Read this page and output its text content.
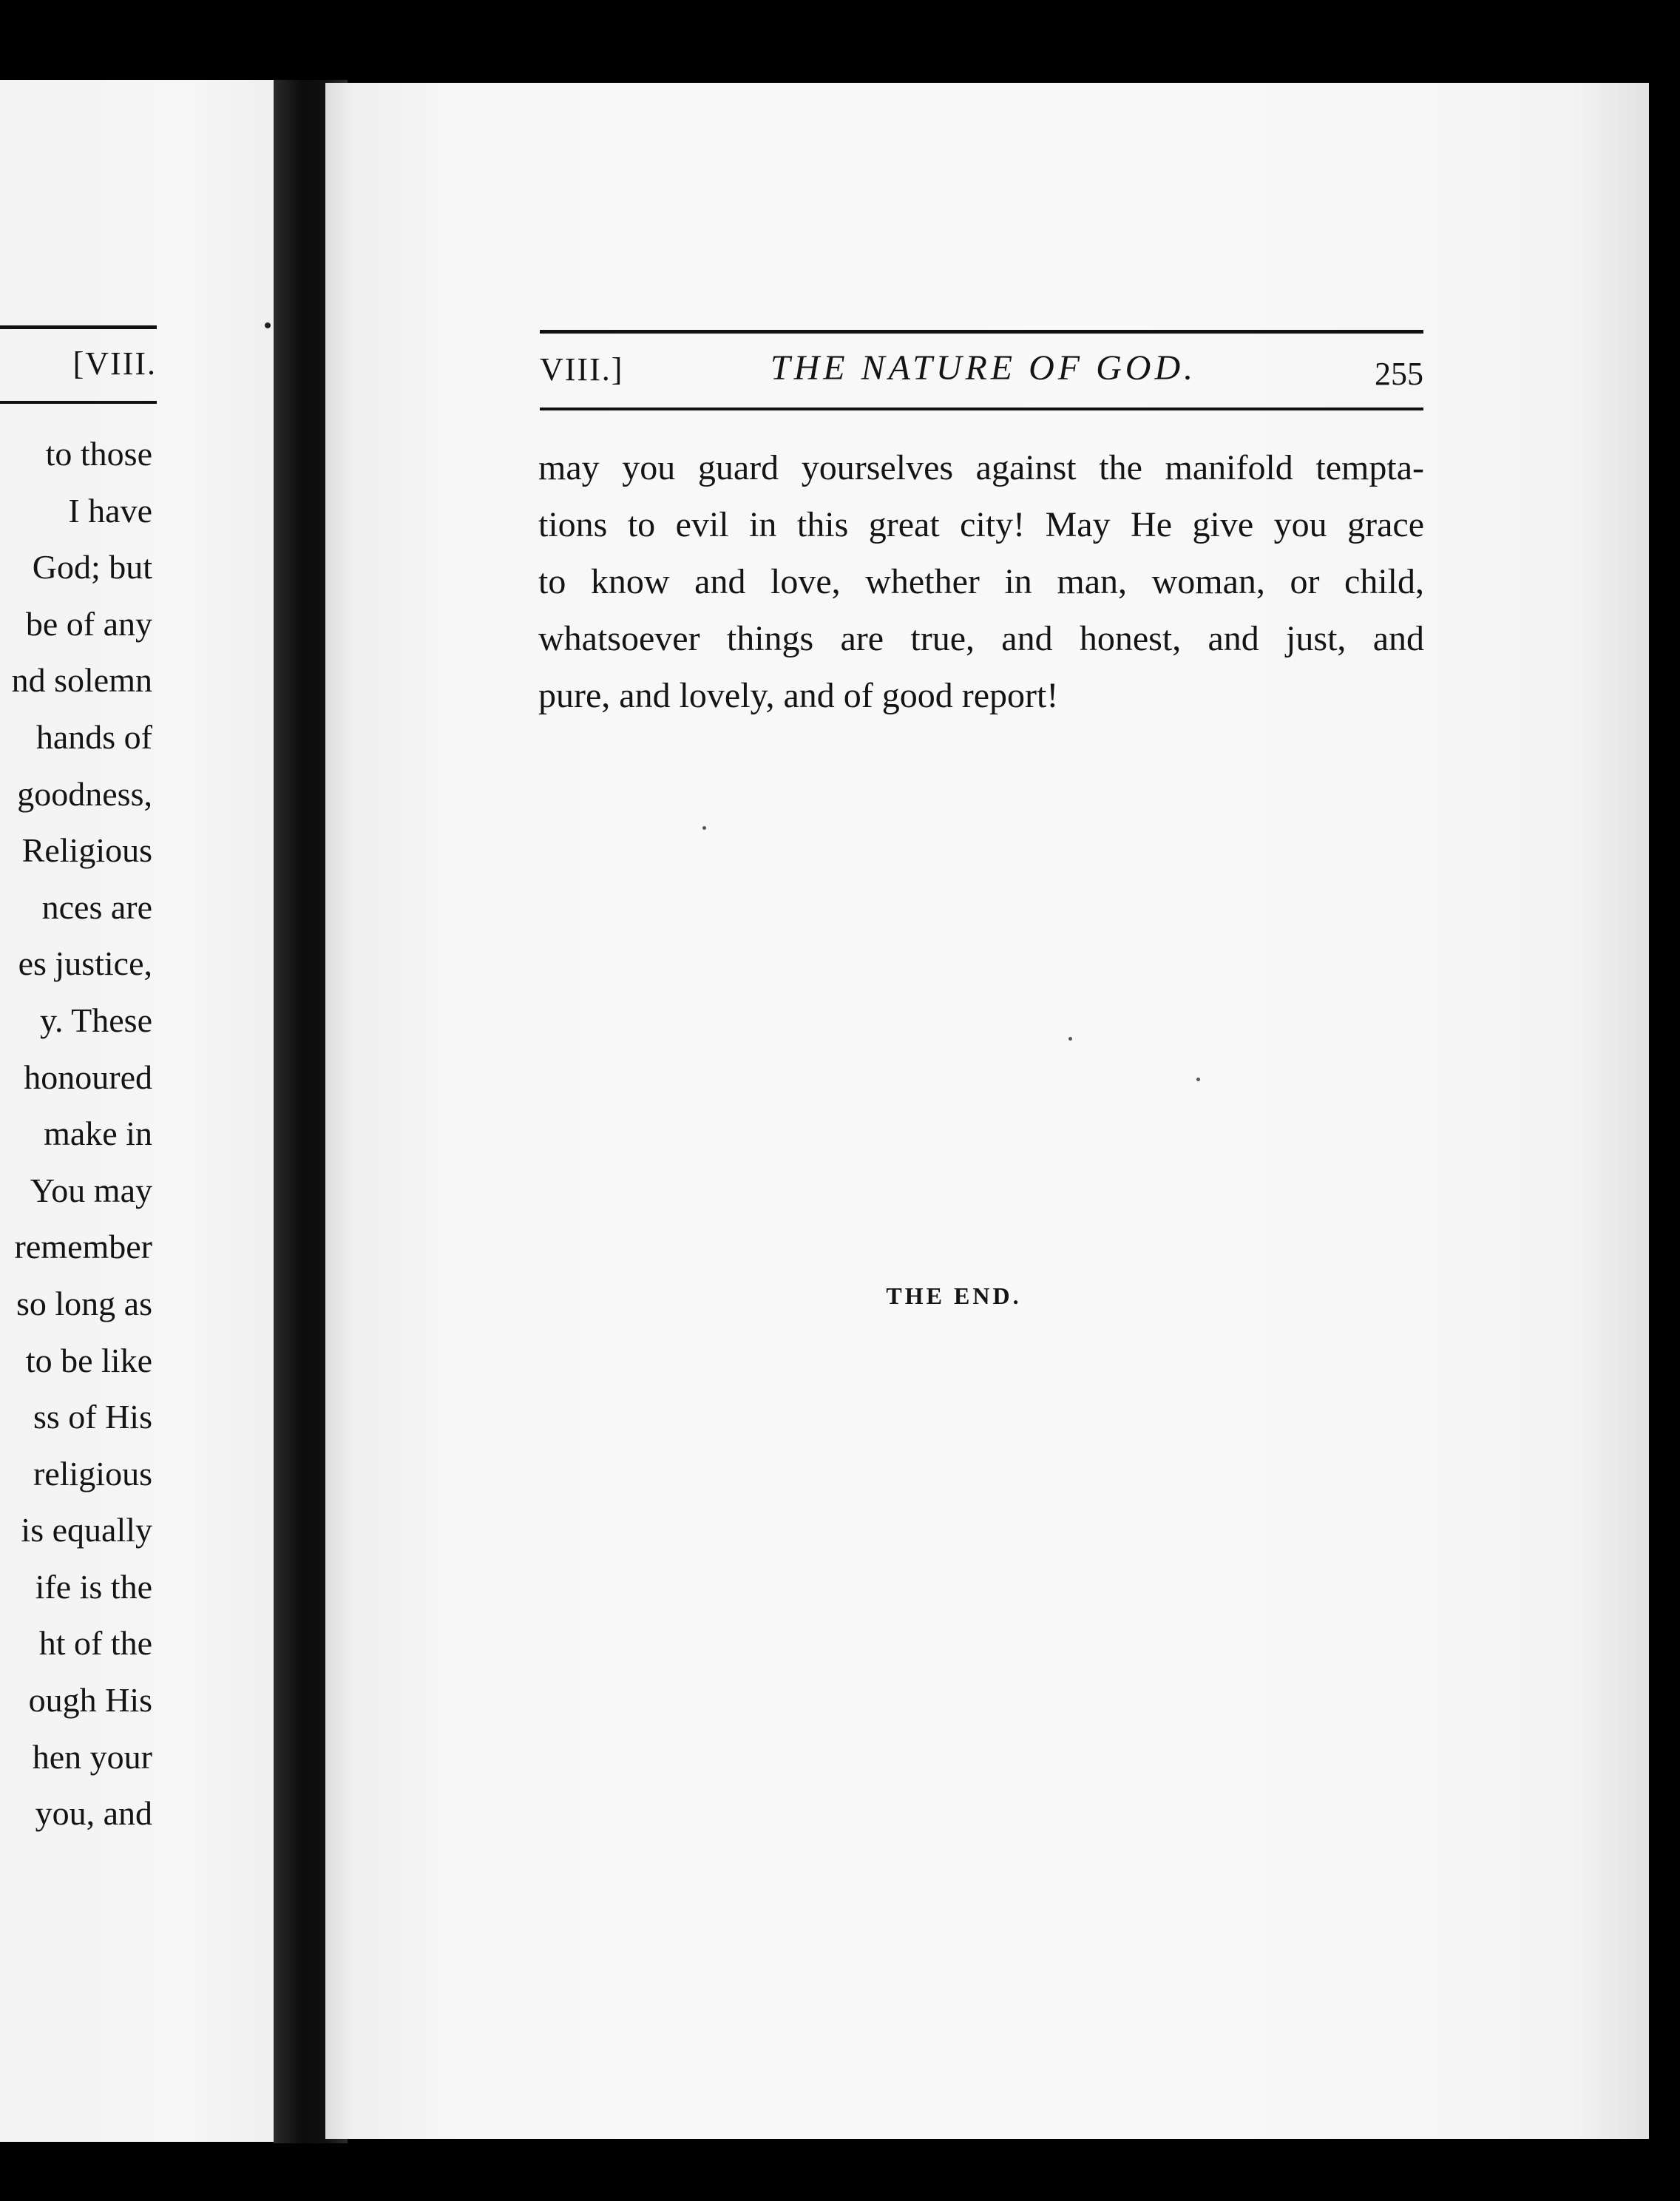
[VIII.
to those
I have
God; but
be of any
nd solemn
hands of
goodness,
Religious
nces are
es justice,
y. These
honoured
make in
You may
remember
so long as
to be like
ss of His
religious
is equally
ife is the
ht of the
ough His
hen your
you, and
VIII.]	THE NATURE OF GOD.	255
may you guard yourselves against the manifold tempta-
tions to evil in this great city! May He give you grace
to know and love, whether in man, woman, or child,
whatsoever things are true, and honest, and just, and
pure, and lovely, and of good report!
THE END.
